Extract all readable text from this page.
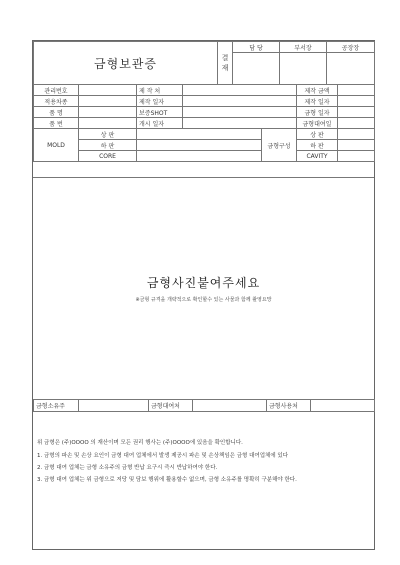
금형보관증	결
재	담 당	부서장	공장장

관리번호		제 작 처			제작 금액	
적용차종		제작 일자			제작 일자	
품 명		보증SHOT			금형 일자	
품 번		개시 일자			금형대여일	
MOLD	상 판			금형구성	상 판	
	하 판				하 판	
	CORE				CAVITY	
금형사진붙여주세요
※금형 규격을 개략적으로 확인할수 있는 사물과 함께 촬영요망
금형소유주		금형대여처		금형사용처	

위 금형은 (주)OOOO 의 재산이며 모든 권리 행사는 (주)OOOO에 있음을 확인합니다.

1. 금형의 파손 및 손상 요인이 금형 대여 업체에서 발생 제공시 파손 및 손상책임은 금형 대여업체에 있다
2. 금형 대여 업체는 금형 소유주의 금형 반납 요구시 즉시 반납하여야 한다.
3. 금형 대여 업체는 위 금형으로 저당 및 담보 행위에 활용할수 없으며, 금형 소유주를 명확히 구분해야 한다.
